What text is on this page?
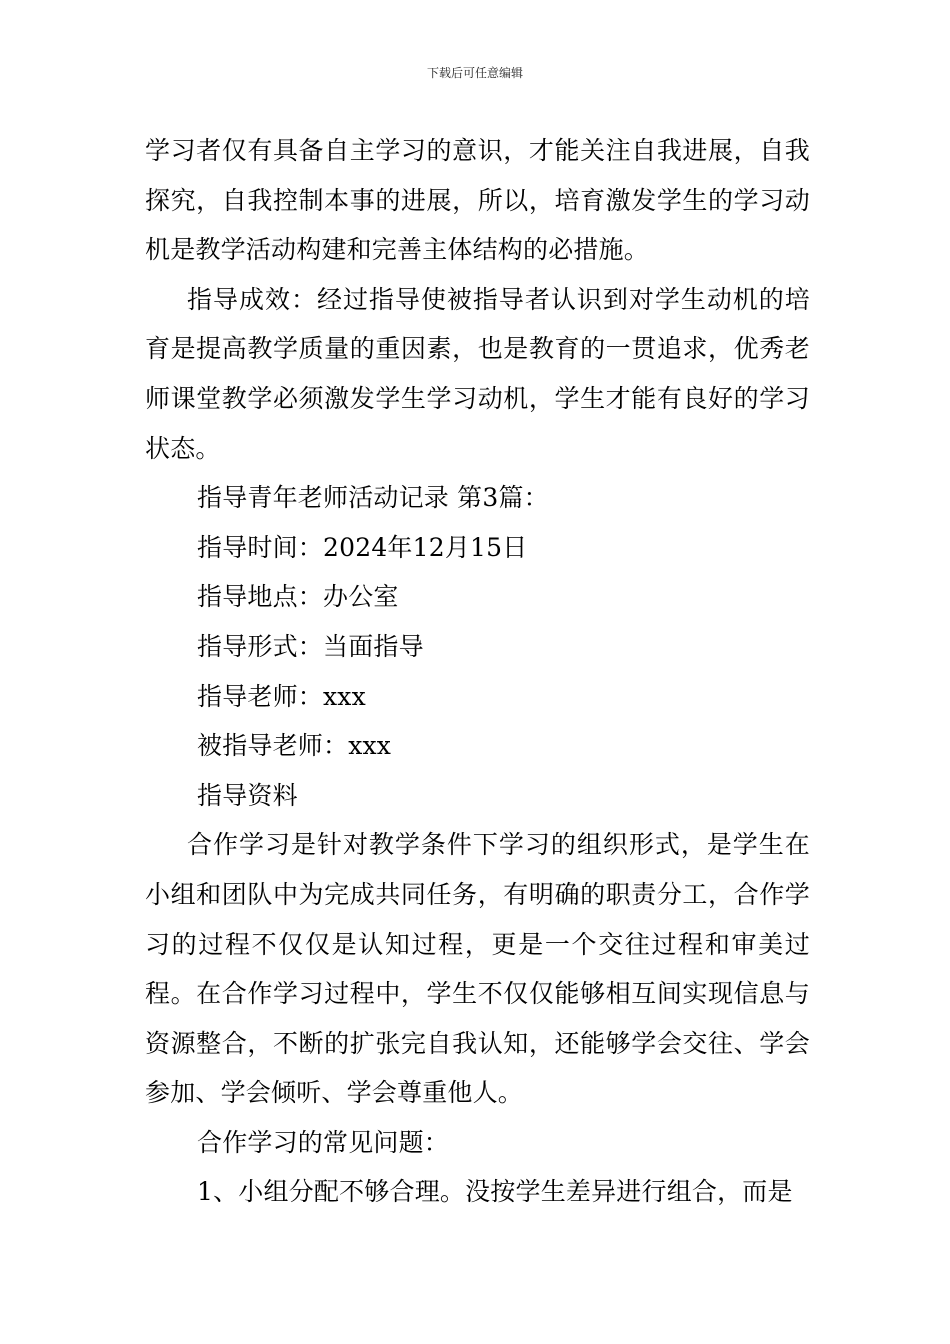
下载后可任意编辑

学习者仅有具备自主学习的意识，才能关注自我进展，自我探究，自我控制本事的进展，所以，培育激发学生的学习动机是教学活动构建和完善主体结构的必措施。

指导成效：经过指导使被指导者认识到对学生动机的培育是提高教学质量的重因素，也是教育的一贯追求，优秀老师课堂教学必须激发学生学习动机，学生才能有良好的学习状态。

指导青年老师活动记录 第3篇：

指导时间：2024年12月15日

指导地点：办公室

指导形式：当面指导

指导老师：xxx

被指导老师：xxx

指导资料

合作学习是针对教学条件下学习的组织形式，是学生在小组和团队中为完成共同任务，有明确的职责分工，合作学习的过程不仅仅是认知过程，更是一个交往过程和审美过程。在合作学习过程中，学生不仅仅能够相互间实现信息与资源整合，不断的扩张完自我认知，还能够学会交往、学会参加、学会倾听、学会尊重他人。

合作学习的常见问题：

1、小组分配不够合理。没按学生差异进行组合，而是
